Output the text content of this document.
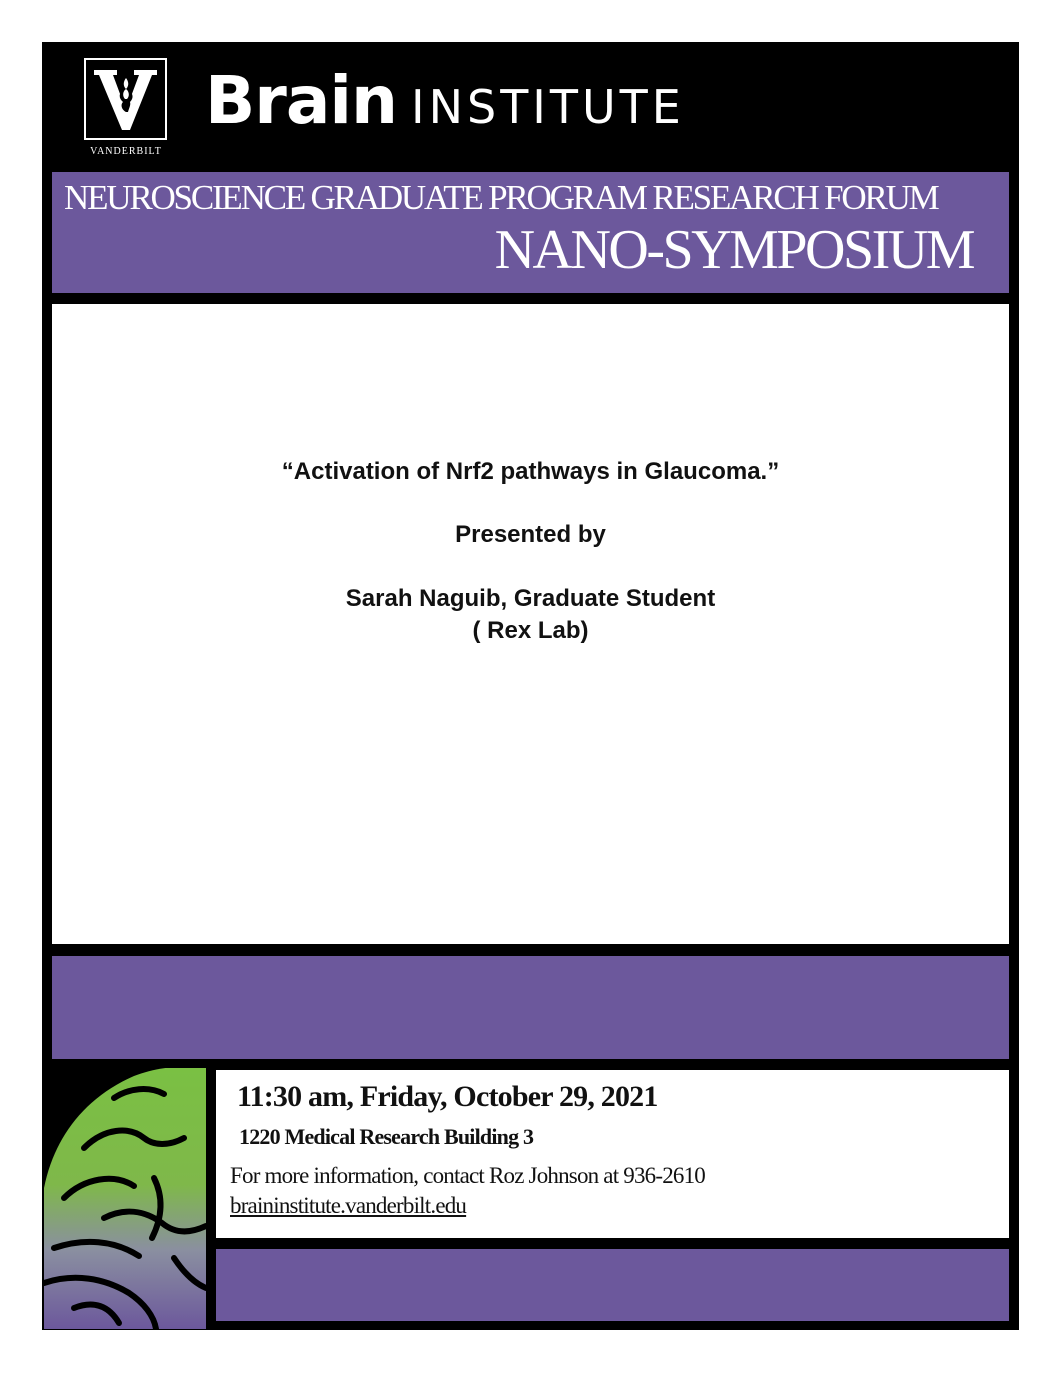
VANDERBILT
Brain INSTITUTE
NEUROSCIENCE GRADUATE PROGRAM RESEARCH FORUM
NANO-SYMPOSIUM
“Activation of Nrf2 pathways in Glaucoma.”
Presented by
Sarah Naguib, Graduate Student
( Rex Lab)
11:30 am, Friday, October 29, 2021
1220 Medical Research Building 3
For more information, contact Roz Johnson at 936-2610
braininstitute.vanderbilt.edu
